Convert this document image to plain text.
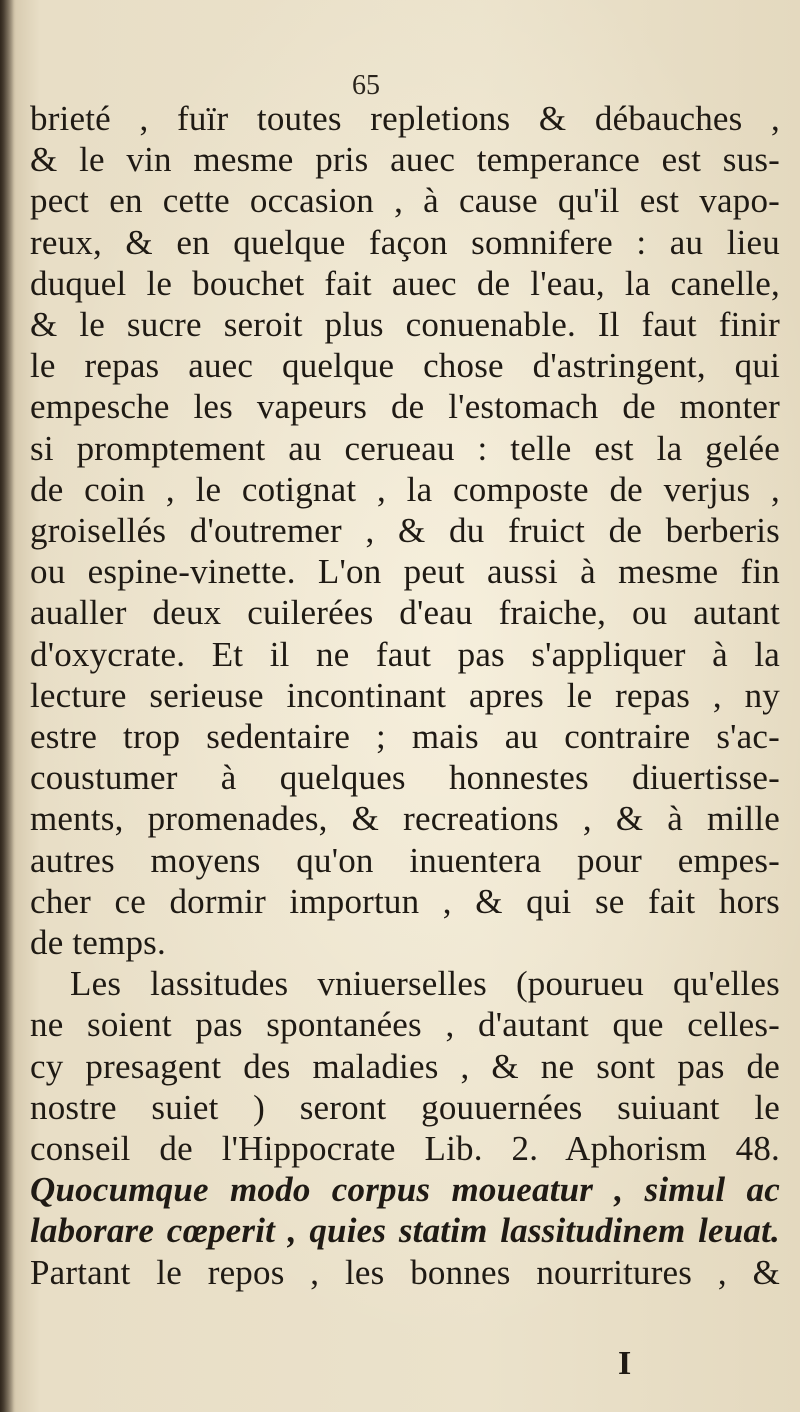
65
brieté , fuïr toutes repletions & débauches ,
& le vin mesme pris auec temperance est sus-
pect en cette occasion , à cause qu'il est vapo-
reux, & en quelque façon somnifere : au lieu
duquel le bouchet fait auec de l'eau, la canelle,
& le sucre seroit plus conuenable. Il faut finir
le repas auec quelque chose d'astringent, qui
empesche les vapeurs de l'estomach de monter
si promptement au cerueau : telle est la gelée
de coin , le cotignat , la composte de verjus ,
groisellés d'outremer , & du fruict de berberis
ou espine-vinette. L'on peut aussi à mesme fin
aualler deux cuilerées d'eau fraiche, ou autant
d'oxycrate. Et il ne faut pas s'appliquer à la
lecture serieuse incontinant apres le repas , ny
estre trop sedentaire ; mais au contraire s'ac-
coustumer à quelques honnestes diuertisse-
ments, promenades, & recreations , & à mille
autres moyens qu'on inuentera pour empes-
cher ce dormir importun , & qui se fait hors
de temps.
Les lassitudes vniuerselles (pourueu qu'elles
ne soient pas spontanées , d'autant que celles-
cy presagent des maladies , & ne sont pas de
nostre suiet ) seront gouuernées suiuant le
conseil de l'Hippocrate Lib. 2. Aphorism 48.
Quocumque modo corpus moueatur , simul ac
laborare cœperit , quies statim lassitudinem leuat.
Partant le repos , les bonnes nourritures , &
I
